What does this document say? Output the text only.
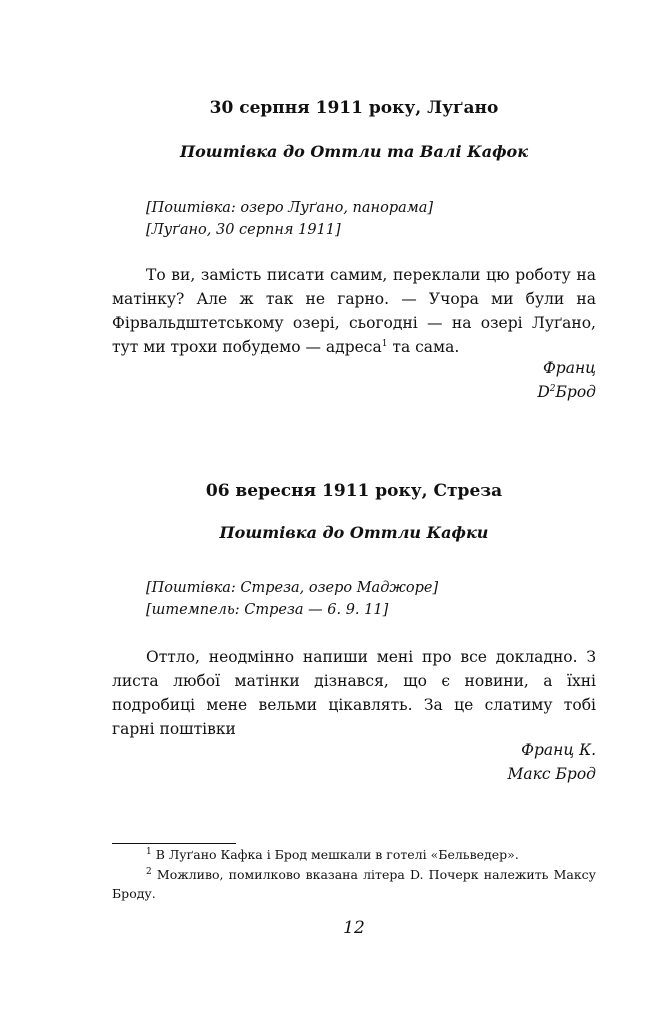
30 серпня 1911 року, Луґано
Поштівка до Оттли та Валі Кафок

[Поштівка: озеро Луґано, панорама]

[Луґано, 30 серпня 1911]

То ви, замість писати самим, переклали цю роботу на матінку? Але ж так не гарно. — Учора ми були на Фірвальдштетському озері, сьогодні — на озері Луґано, тут ми трохи побудемо — адреса$^1$ та сама.

Франц

$D^2Брод$

06 вересня 1911 року, Стреза
Поштівка до Оттли Кафки

[Поштівка: Стреза, озеро Маджоре]

[штемпель: Стреза — 6. 9. 11]

Оттло, неодмінно напиши мені про все докладно. З листа любої матінки дізнався, що є новини, а їхні подробиці мене вельми цікавлять. За це слатиму тобі гарні поштівки

Франц К.

Макс Брод

$^1$ В Луґано Кафка і Брод мешкали в готелі «Бельведер».

$^2$ Можливо, помилково вказана літера D. Почерк належить Максу Броду.

12
